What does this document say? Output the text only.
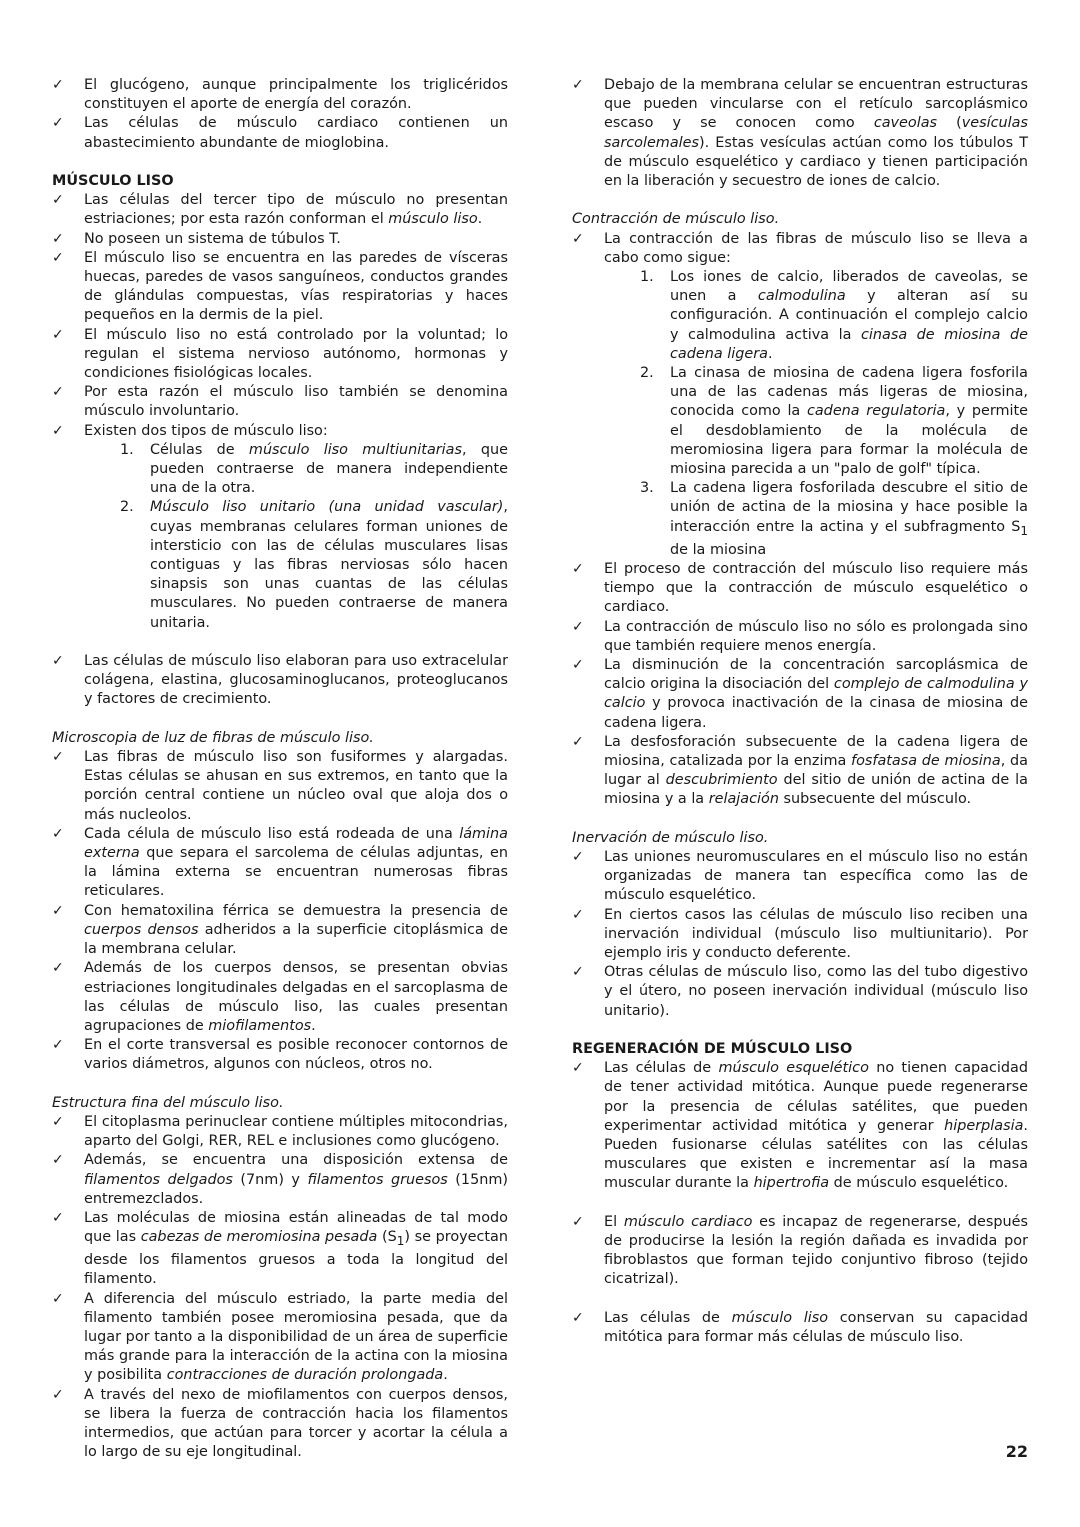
✓ El glucógeno, aunque principalmente los triglicéridos constituyen el aporte de energía del corazón.
✓ Las células de músculo cardiaco contienen un abastecimiento abundante de mioglobina.
MÚSCULO LISO
✓ Las células del tercer tipo de músculo no presentan estriaciones; por esta razón conforman el músculo liso.
✓ No poseen un sistema de túbulos T.
✓ El músculo liso se encuentra en las paredes de vísceras huecas, paredes de vasos sanguíneos, conductos grandes de glándulas compuestas, vías respiratorias y haces pequeños en la dermis de la piel.
✓ El músculo liso no está controlado por la voluntad; lo regulan el sistema nervioso autónomo, hormonas y condiciones fisiológicas locales.
✓ Por esta razón el músculo liso también se denomina músculo involuntario.
✓ Existen dos tipos de músculo liso:
1. Células de músculo liso multiunitarias, que pueden contraerse de manera independiente una de la otra.
2. Músculo liso unitario (una unidad vascular), cuyas membranas celulares forman uniones de intersticio con las de células musculares lisas contiguas y las fibras nerviosas sólo hacen sinapsis son unas cuantas de las células musculares. No pueden contraerse de manera unitaria.
✓ Las células de músculo liso elaboran para uso extracelular colágena, elastina, glucosaminoglucanos, proteoglucanos y factores de crecimiento.
Microscopia de luz de fibras de músculo liso.
✓ Las fibras de músculo liso son fusiformes y alargadas. Estas células se ahusan en sus extremos, en tanto que la porción central contiene un núcleo oval que aloja dos o más nucleolos.
✓ Cada célula de músculo liso está rodeada de una lámina externa que separa el sarcolema de células adjuntas, en la lámina externa se encuentran numerosas fibras reticulares.
✓ Con hematoxilina férrica se demuestra la presencia de cuerpos densos adheridos a la superficie citoplásmica de la membrana celular.
✓ Además de los cuerpos densos, se presentan obvias estriaciones longitudinales delgadas en el sarcoplasma de las células de músculo liso, las cuales presentan agrupaciones de miofilamentos.
✓ En el corte transversal es posible reconocer contornos de varios diámetros, algunos con núcleos, otros no.
Estructura fina del músculo liso.
✓ El citoplasma perinuclear contiene múltiples mitocondrias, aparto del Golgi, RER, REL e inclusiones como glucógeno.
✓ Además, se encuentra una disposición extensa de filamentos delgados (7nm) y filamentos gruesos (15nm) entremezclados.
✓ Las moléculas de miosina están alineadas de tal modo que las cabezas de meromiosina pesada $(S_1)$ se proyectan desde los filamentos gruesos a toda la longitud del filamento.
✓ A diferencia del músculo estriado, la parte media del filamento también posee meromiosina pesada, que da lugar por tanto a la disponibilidad de un área de superficie más grande para la interacción de la actina con la miosina y posibilita contracciones de duración prolongada.
✓ A través del nexo de miofilamentos con cuerpos densos, se libera la fuerza de contracción hacia los filamentos intermedios, que actúan para torcer y acortar la célula a lo largo de su eje longitudinal.
✓ Debajo de la membrana celular se encuentran estructuras que pueden vincularse con el retículo sarcoplásmico escaso y se conocen como caveolas (vesículas sarcolemales). Estas vesículas actúan como los túbulos T de músculo esquelético y cardiaco y tienen participación en la liberación y secuestro de iones de calcio.
Contracción de músculo liso.
✓ La contracción de las fibras de músculo liso se lleva a cabo como sigue:
1. Los iones de calcio, liberados de caveolas, se unen a calmodulina y alteran así su configuración. A continuación el complejo calcio y calmodulina activa la cinasa de miosina de cadena ligera.
2. La cinasa de miosina de cadena ligera fosforila una de las cadenas más ligeras de miosina, conocida como la cadena regulatoria, y permite el desdoblamiento de la molécula de meromiosina ligera para formar la molécula de miosina parecida a un "palo de golf" típica.
3. La cadena ligera fosforilada descubre el sitio de unión de actina de la miosina y hace posible la interacción entre la actina y el subfragmento $S_1$ de la miosina
✓ El proceso de contracción del músculo liso requiere más tiempo que la contracción de músculo esquelético o cardiaco.
✓ La contracción de músculo liso no sólo es prolongada sino que también requiere menos energía.
✓ La disminución de la concentración sarcoplásmica de calcio origina la disociación del complejo de calmodulina y calcio y provoca inactivación de la cinasa de miosina de cadena ligera.
✓ La desfosforación subsecuente de la cadena ligera de miosina, catalizada por la enzima fosfatasa de miosina, da lugar al descubrimiento del sitio de unión de actina de la miosina y a la relajación subsecuente del músculo.
Inervación de músculo liso.
✓ Las uniones neuromusculares en el músculo liso no están organizadas de manera tan específica como las de músculo esquelético.
✓ En ciertos casos las células de músculo liso reciben una inervación individual (músculo liso multiunitario). Por ejemplo iris y conducto deferente.
✓ Otras células de músculo liso, como las del tubo digestivo y el útero, no poseen inervación individual (músculo liso unitario).
REGENERACIÓN DE MÚSCULO LISO
✓ Las células de músculo esquelético no tienen capacidad de tener actividad mitótica. Aunque puede regenerarse por la presencia de células satélites, que pueden experimentar actividad mitótica y generar hiperplasia. Pueden fusionarse células satélites con las células musculares que existen e incrementar así la masa muscular durante la hipertrofia de músculo esquelético.
✓ El músculo cardiaco es incapaz de regenerarse, después de producirse la lesión la región dañada es invadida por fibroblastos que forman tejido conjuntivo fibroso (tejido cicatrizal).
✓ Las células de músculo liso conservan su capacidad mitótica para formar más células de músculo liso.
22
